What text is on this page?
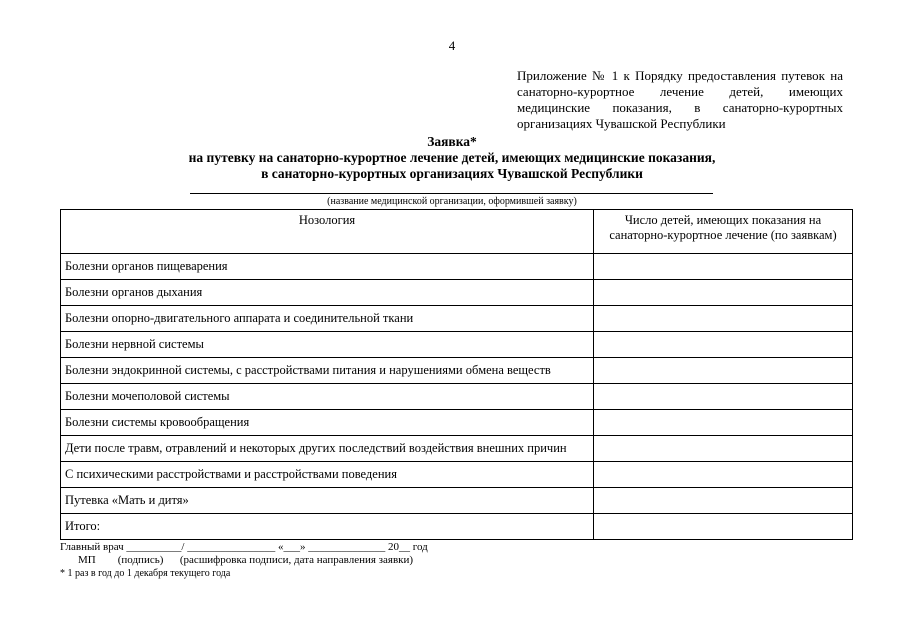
4
Приложение № 1 к Порядку предоставления путевок на санаторно-курортное лечение детей, имеющих медицинские показания, в санаторно-курортных организациях Чувашской Республики
Заявка*
на путевку на санаторно-курортное лечение детей, имеющих медицинские показания,
в санаторно-курортных организациях Чувашской Республики
(название медицинской организации, оформившей заявку)
Нозология	Число детей, имеющих показания на санаторно-курортное лечение (по заявкам)
Болезни органов пищеварения	
Болезни органов дыхания	
Болезни опорно-двигательного аппарата и соединительной ткани	
Болезни нервной системы	
Болезни эндокринной системы, с расстройствами питания и нарушениями обмена веществ	
Болезни мочеполовой системы	
Болезни системы кровообращения	
Дети после травм, отравлений и некоторых других последствий воздействия внешних причин	
С психическими расстройствами и расстройствами поведения	
Путевка «Мать и дитя»	
Итого:	
Главный врач __________/ ________________ «___» ______________ 20__ год
МП        (подпись)      (расшифровка подписи, дата направления заявки)
* 1 раз в год до 1 декабря текущего года
